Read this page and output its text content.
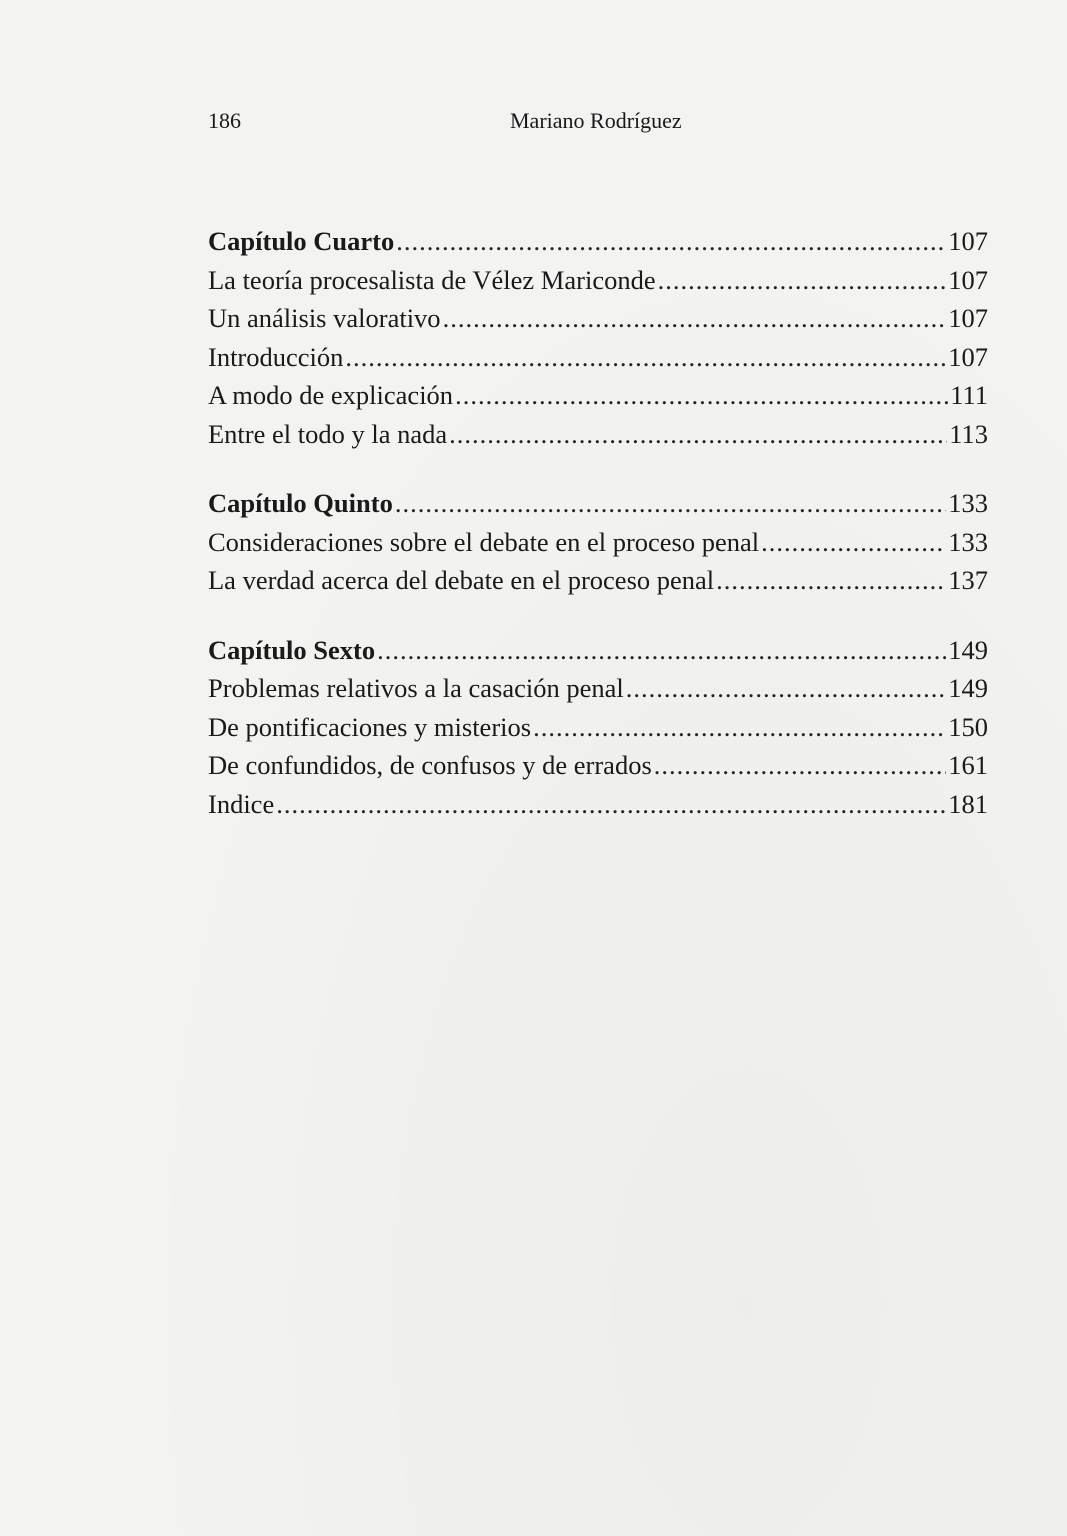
186	Mariano Rodríguez
Capítulo Cuarto .....	107
La teoría procesalista de Vélez Mariconde .....	107
Un análisis valorativo .....	107
Introducción .....	107
A modo de explicación .....	111
Entre el todo y la nada .....	113
Capítulo Quinto .....	133
Consideraciones sobre el debate en el proceso penal .....	133
La verdad acerca del debate en el proceso penal .....	137
Capítulo Sexto .....	149
Problemas relativos a la casación penal .....	149
De pontificaciones y misterios .....	150
De confundidos, de confusos y de errados .....	161
Indice .....	181
